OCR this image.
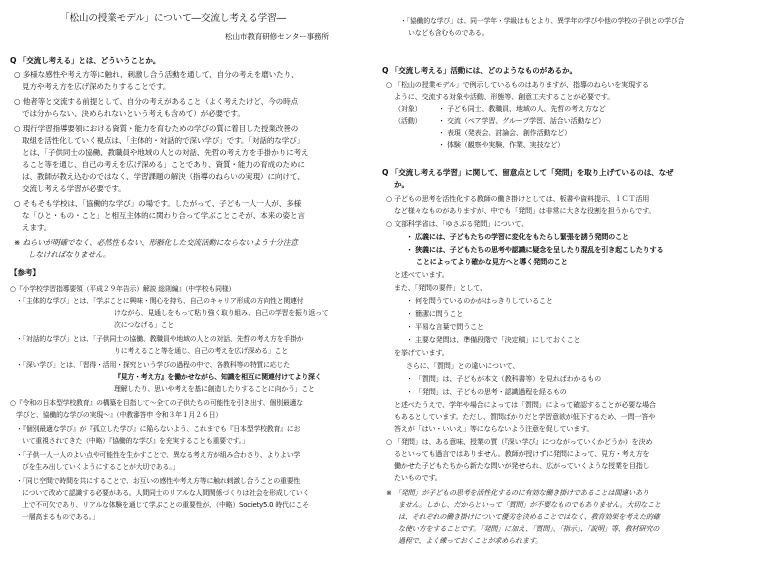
「松山の授業モデル」について―交流し考える学習―
松山市教育研修センター事務所
Q 「交流し考える」とは、どういうことか。
○ 多様な感性や考え方等に触れ、刺激し合う活動を通して、自分の考えを磨いたり、
見方や考え方を広げ深めたりすることです。
○ 他者等と交流する前提として、自分の考えがあること（よく考えたけど、今の時点
では分からない、決められないという考えも含めて）が必要です。
○ 現行学習指導要領における資質・能力を育むための学びの質に着目した授業改善の
取組を活性化していく視点は、「主体的・対話的で深い学び」です。「対話的な学び」
とは、「子供同士の協働、教職員や地域の人との対話、先哲の考え方を手掛かりに考え
ること等を通じ、自己の考えを広げ深める」ことであり、資質・能力の育成のために
は、教師が教え込むのではなく、学習課題の解決（指導のねらいの実現）に向けて、
交流し考える学習が必要です。
○ そもそも学校は、「協働的な学び」の場です。したがって、子ども一人一人が、多様
な「ひと・もの・こと」と相互主体的に関わり合って学ぶことこそが、本来の姿と言
えます。
※ ねらいが明確でなく、必然性もない、形骸化した交流活動にならないよう十分注意
しなければなりません。
【参考】
○『小学校学習指導要領（平成２９年告示）解説 総則編』（中学校も同様）
・「主体的な学び」とは、「学ぶことに興味・関心を持ち、自己のキャリア形成の方向性と関連付
けながら、見通しをもって粘り強く取り組み、自己の学習を振り返って
次につなげる」こと
・「対話的な学び」とは、「子供同士の協働、教職員や地域の人との対話、先哲の考え方を手掛か
りに考えること等を通じ、自己の考えを広げ深める」こと
・「深い学び」とは、「習得・活用・探究という学びの過程の中で、各教科等の特質に応じた
『見方・考え方』を働かせながら、知識を相互に関連付けてより深く
理解したり、思いや考えを基に創造したりすることに向かう」こと
○『令和の日本型学校教育』の構築を目指して〜全ての子供たちの可能性を引き出す、個別最適な
学びと、協働的な学びの実現〜』（中教審答申 令和３年１月２６日）
・『個別最適な学び』が『孤立した学び』に陥らないよう、これまでも『日本型学校教育』にお
いて重視されてきた（中略）『協働的な学び』を充実することも重要です。」
・「子供一人一人のよい点や可能性を生かすことで、異なる考え方が組み合わさり、よりよい学
びを生み出していくようにすることが大切である。」
・「同じ空間で時間を共にすることで、お互いの感性や考え方等に触れ刺激し合うことの重要性
について改めて認識する必要がある。人間同士のリアルな人間関係づくりは社会を形成していく
上で不可欠であり、リアルな体験を通じて学ぶことの重要性が、（中略）Society5.0 時代にこそ
一層高まるものである。」
・「協働的な学び」は、同一学年・学級はもとより、異学年の学びや他の学校の子供との学び合
いなども含むものである。
Q 「交流し考える」活動には、どのようなものがあるか。
○ 「松山の授業モデル」で例示しているものはありますが、指導のねらいを実現する
ように、交流する対象や活動、形態等、創意工夫することが必要です。
（対象） ・ 子ども同士、教職員、地域の人、先哲の考え方など
（活動） ・ 交流（ペア学習、グループ学習、話合い活動など）
・ 表現（発表会、討論会、創作活動など）
・ 体験（観察や実験、作業、実技など）
Q 「交流し考える学習」に関して、留意点として「発問」を取り上げているのは、なぜ
か。
○ 子どもの思考を活性化する教師の働き掛けとしては、板書や資料提示、ＩＣＴ活用
など様々なものがありますが、中でも「発問」は非常に大きな役割を担うからです。
○ 文部科学省は、「ゆさぶる発問」について、
・ 広義には、子どもたちの学習に変化をもたらし緊張を誘う発問のこと
・ 狭義には、子どもたちの思考や認識に疑念を呈したり混乱を引き起こしたりする
ことによってより確かな見方へと導く発問のこと
と述べています。
また、「発問の要件」として、
・ 何を問うているのかがはっきりしていること
・ 簡潔に問うこと
・ 平易な言葉で問うこと
・ 主要な発問は、準備段階で「決定稿」にしておくこと
を挙げています。
さらに、「質問」との違いについて、
・ 「質問」は、子どもが本文（教科書等）を見ればわかるもの
・ 「発問」は、子どもの思考・認識過程を経るもの
と述べたうえで、学年や場合によっては「質問」によって確認することが必要な場合
もあるとしています。ただし、質問ばかりだと学習意欲が低下するため、一問一答や
答えが「はい・いいえ」等にならないよう注意を促しています。
○ 「発問」は、ある意味、授業の質（『深い学び』につながっていくかどうか）を決め
るといっても過言ではありません。教師が授けずに発問によって、見方・考え方を
働かせた子どもたちから新たな問いが発せられ、広がっていくような授業を目指し
たいものです。
※ 「発問」が子どもの思考を活性化するのに有効な働き掛けであることは間違いあり
ません。しかし、だからといって「質問」が不要なものでもありません。大切なこと
は、それぞれの働き掛けについて優劣を決めることではなく、教育効果を考えた的確
な使い方をすることです。「発問」に加え、「質問」、「指示」、「説明」等、教材研究の
過程で、よく練っておくことが求められます。
